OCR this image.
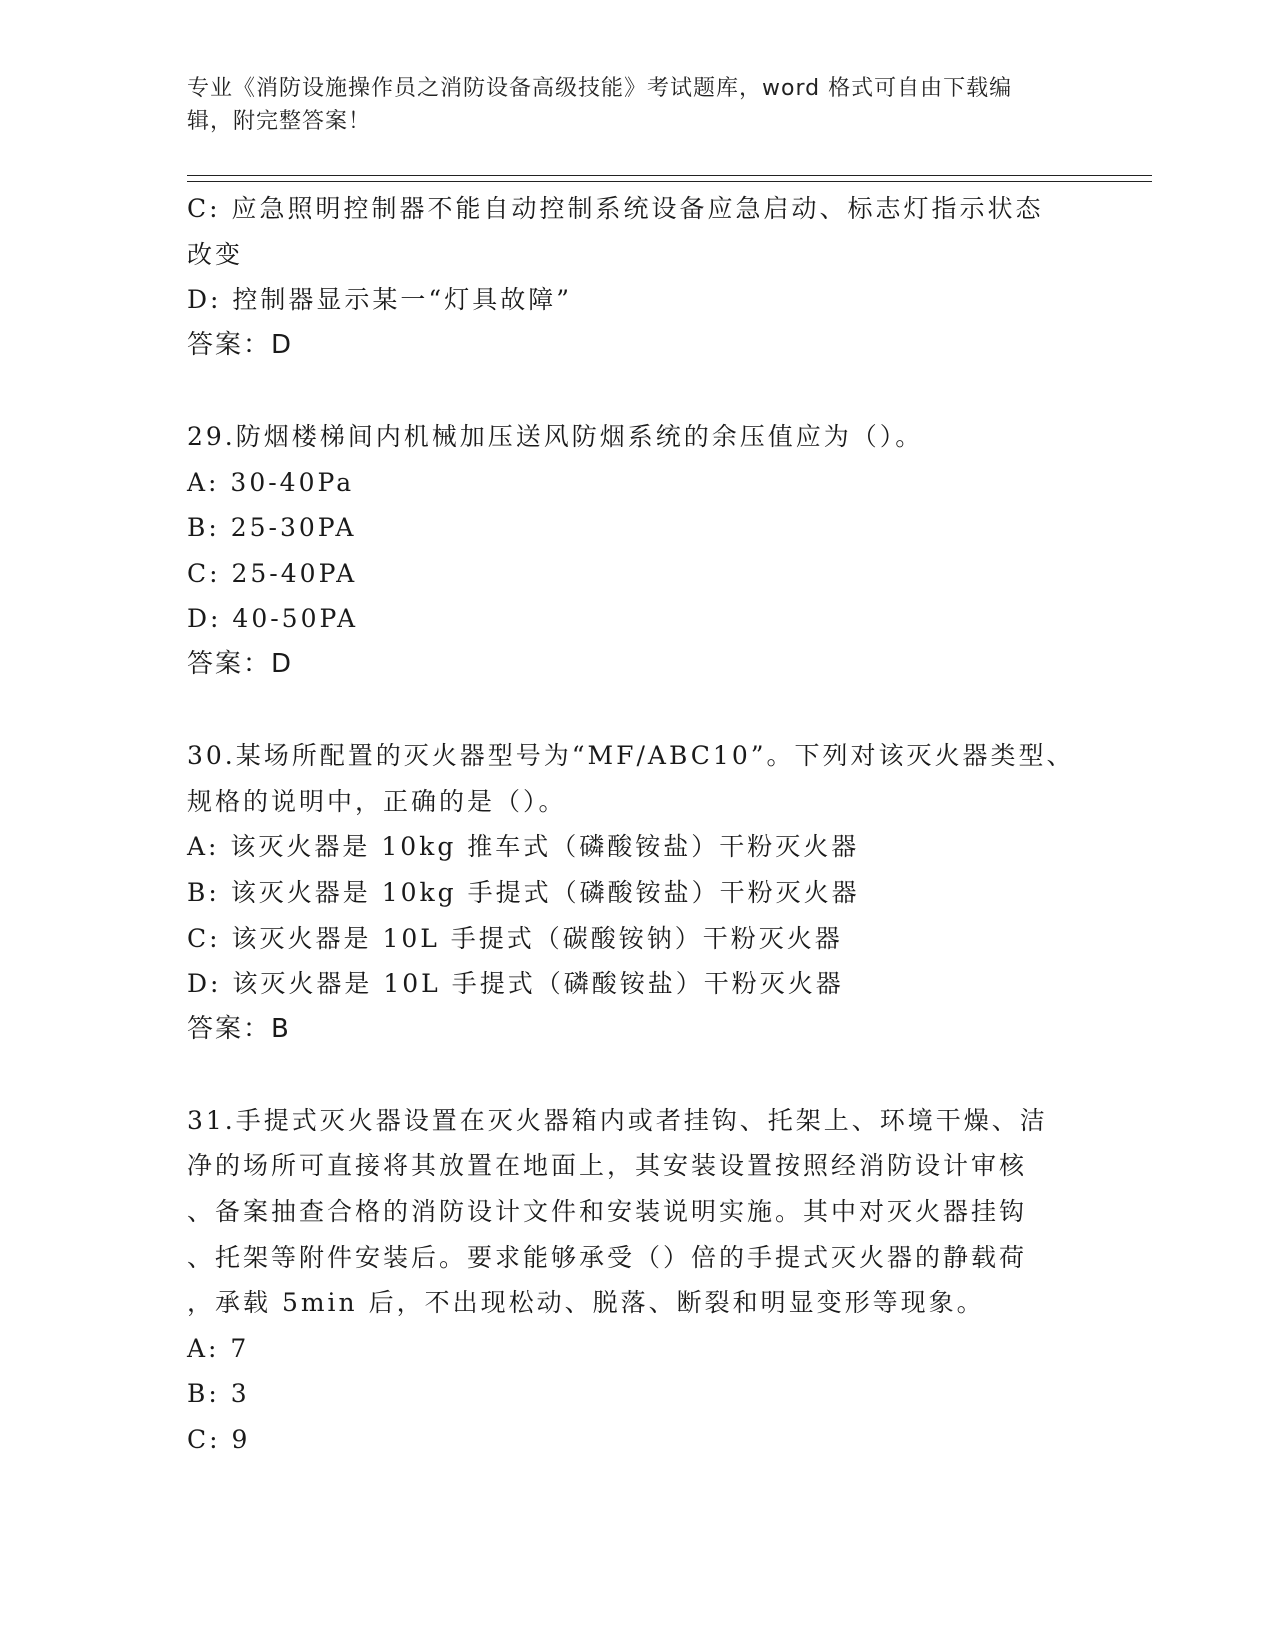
专业《消防设施操作员之消防设备高级技能》考试题库，word 格式可自由下载编
辑，附完整答案！
C: 应急照明控制器不能自动控制系统设备应急启动、标志灯指示状态
改变
D: 控制器显示某一“灯具故障”
答案：D
29.防烟楼梯间内机械加压送风防烟系统的余压值应为（）。
A: 30-40Pa
B: 25-30PA
C: 25-40PA
D: 40-50PA
答案：D
30.某场所配置的灭火器型号为“MF/ABC10”。下列对该灭火器类型、
规格的说明中，正确的是（）。
A: 该灭火器是 10kg 推车式（磷酸铵盐）干粉灭火器
B: 该灭火器是 10kg 手提式（磷酸铵盐）干粉灭火器
C: 该灭火器是 10L 手提式（碳酸铵钠）干粉灭火器
D: 该灭火器是 10L 手提式（磷酸铵盐）干粉灭火器
答案：B
31.手提式灭火器设置在灭火器箱内或者挂钩、托架上、环境干燥、洁
净的场所可直接将其放置在地面上，其安装设置按照经消防设计审核
、备案抽查合格的消防设计文件和安装说明实施。其中对灭火器挂钩
、托架等附件安装后。要求能够承受（）倍的手提式灭火器的静载荷
，承载 5min 后，不出现松动、脱落、断裂和明显变形等现象。
A: 7
B: 3
C: 9
